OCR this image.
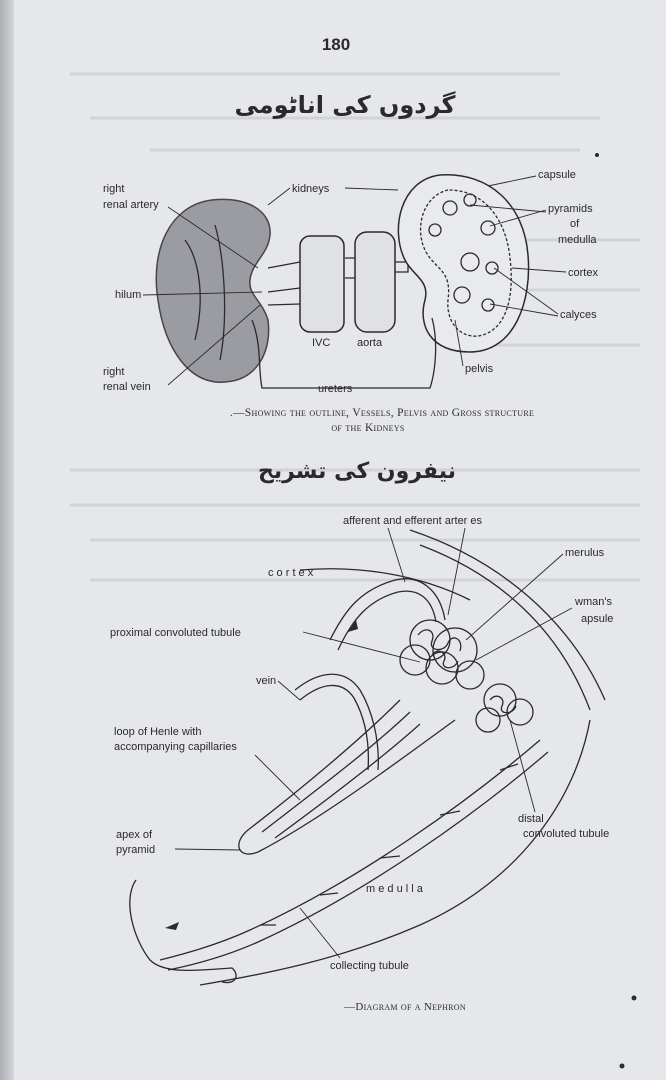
180
گردوں کی اناٹومی
right
renal artery
kidneys
capsule
pyramids
of
medulla
hilum
cortex
calyces
IVC aorta
right
renal vein
pelvis
ureters
.—Showing the outline, Vessels, Pelvis and Gross structure
of the Kidneys
نیفرون کی تشریح
afferent and efferent arter es
merulus
c o r t e x
wman's
apsule
proximal convoluted tubule
vein
loop of Henle with
accompanying capillaries
distal
convoluted tubule
apex of
pyramid
m e d u l l a
collecting tubule
—Diagram of a Nephron
